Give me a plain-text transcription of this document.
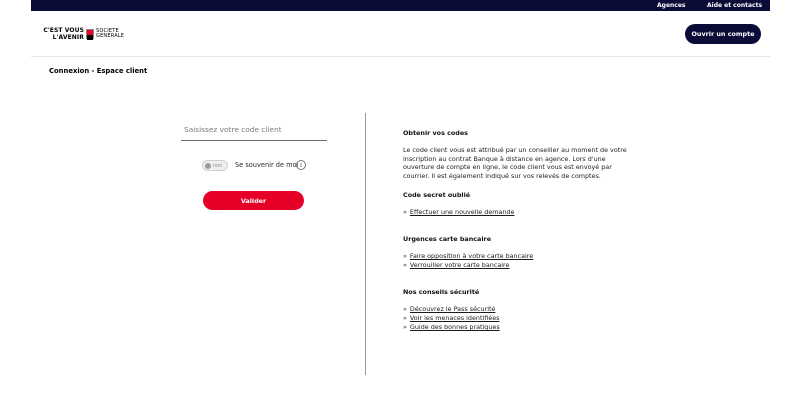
Agences	Aide et contacts
C'EST VOUS
L'AVENIR
SOCIETE
GENERALE	Ouvrir un compte
Connexion - Espace client
Saisissez votre code client
non Se souvenir de moi i
Valider
Obtenir vos codes

Le code client vous est attribué par un conseiller au moment de votre inscription au contrat Banque à distance en agence. Lors d'une ouverture de compte en ligne, le code client vous est envoyé par courrier. Il est également indiqué sur vos relevés de comptes.

Code secret oublié
» Effectuer une nouvelle demande
Urgences carte bancaire
» Faire opposition à votre carte bancaire
» Verrouiller votre carte bancaire
Nos conseils sécurité
» Découvrez le Pass sécurité
» Voir les menaces identifiées
» Guide des bonnes pratiques
